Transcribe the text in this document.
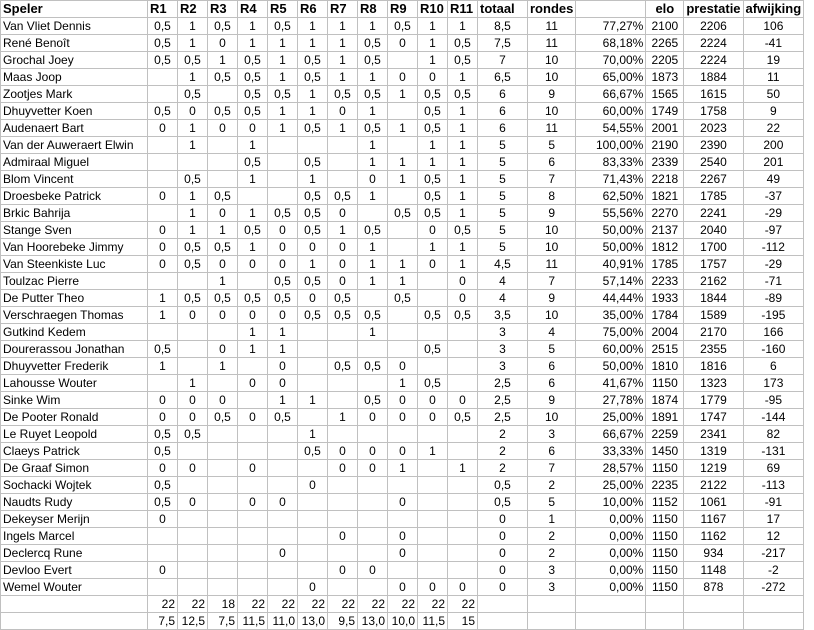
Speler	R1	R2	R3	R4	R5	R6	R7	R8	R9	R10	R11	totaal	rondes		elo	prestatie	afwijking
Van Vliet Dennis	0,5	1	0,5	1	0,5	1	1	1	0,5	1	1	8,5	11	77,27%	2100	2206	106
René Benoît	0,5	1	0	1	1	1	1	0,5	0	1	0,5	7,5	11	68,18%	2265	2224	-41
Grochal Joey	0,5	0,5	1	0,5	1	0,5	1	0,5		1	0,5	7	10	70,00%	2205	2224	19
Maas Joop		1	0,5	0,5	1	0,5	1	1	0	0	1	6,5	10	65,00%	1873	1884	11
Zootjes Mark		0,5		0,5	0,5	1	0,5	0,5	1	0,5	0,5	6	9	66,67%	1565	1615	50
Dhuyvetter Koen	0,5	0	0,5	0,5	1	1	0	1		0,5	1	6	10	60,00%	1749	1758	9
Audenaert Bart	0	1	0	0	1	0,5	1	0,5	1	0,5	1	6	11	54,55%	2001	2023	22
Van der Auweraert Elwin		1		1				1		1	1	5	5	100,00%	2190	2390	200
Admiraal Miguel				0,5		0,5		1	1	1	1	5	6	83,33%	2339	2540	201
Blom Vincent		0,5		1		1		0	1	0,5	1	5	7	71,43%	2218	2267	49
Droesbeke Patrick	0	1	0,5			0,5	0,5	1		0,5	1	5	8	62,50%	1821	1785	-37
Brkic Bahrija		1	0	1	0,5	0,5	0		0,5	0,5	1	5	9	55,56%	2270	2241	-29
Stange Sven	0	1	1	0,5	0	0,5	1	0,5		0	0,5	5	10	50,00%	2137	2040	-97
Van Hoorebeke Jimmy	0	0,5	0,5	1	0	0	0	1		1	1	5	10	50,00%	1812	1700	-112
Van Steenkiste Luc	0	0,5	0	0	0	1	0	1	1	0	1	4,5	11	40,91%	1785	1757	-29
Toulzac Pierre			1		0,5	0,5	0	1	1		0	4	7	57,14%	2233	2162	-71
De Putter Theo	1	0,5	0,5	0,5	0,5	0	0,5		0,5		0	4	9	44,44%	1933	1844	-89
Verschraegen Thomas	1	0	0	0	0	0,5	0,5	0,5		0,5	0,5	3,5	10	35,00%	1784	1589	-195
Gutkind Kedem				1	1			1				3	4	75,00%	2004	2170	166
Dourerassou Jonathan	0,5		0	1	1					0,5		3	5	60,00%	2515	2355	-160
Dhuyvetter Frederik	1		1		0		0,5	0,5	0			3	6	50,00%	1810	1816	6
Lahousse Wouter		1		0	0				1	0,5		2,5	6	41,67%	1150	1323	173
Sinke Wim	0	0	0		1	1		0,5	0	0	0	2,5	9	27,78%	1874	1779	-95
De Pooter Ronald	0	0	0,5	0	0,5		1	0	0	0	0,5	2,5	10	25,00%	1891	1747	-144
Le Ruyet Leopold	0,5	0,5				1						2	3	66,67%	2259	2341	82
Claeys Patrick	0,5					0,5	0	0	0	1		2	6	33,33%	1450	1319	-131
De Graaf Simon	0	0		0			0	0	1		1	2	7	28,57%	1150	1219	69
Sochacki Wojtek	0,5					0						0,5	2	25,00%	2235	2122	-113
Naudts Rudy	0,5	0		0	0				0			0,5	5	10,00%	1152	1061	-91
Dekeyser Merijn	0											0	1	0,00%	1150	1167	17
Ingels Marcel							0		0			0	2	0,00%	1150	1162	12
Declercq Rune					0				0			0	2	0,00%	1150	934	-217
Devloo Evert	0						0	0				0	3	0,00%	1150	1148	-2
Wemel Wouter						0			0	0	0	0	3	0,00%	1150	878	-272
	22	22	18	22	22	22	22	22	22	22	22						
	7,5	12,5	7,5	11,5	11,0	13,0	9,5	13,0	10,0	11,5	15						
